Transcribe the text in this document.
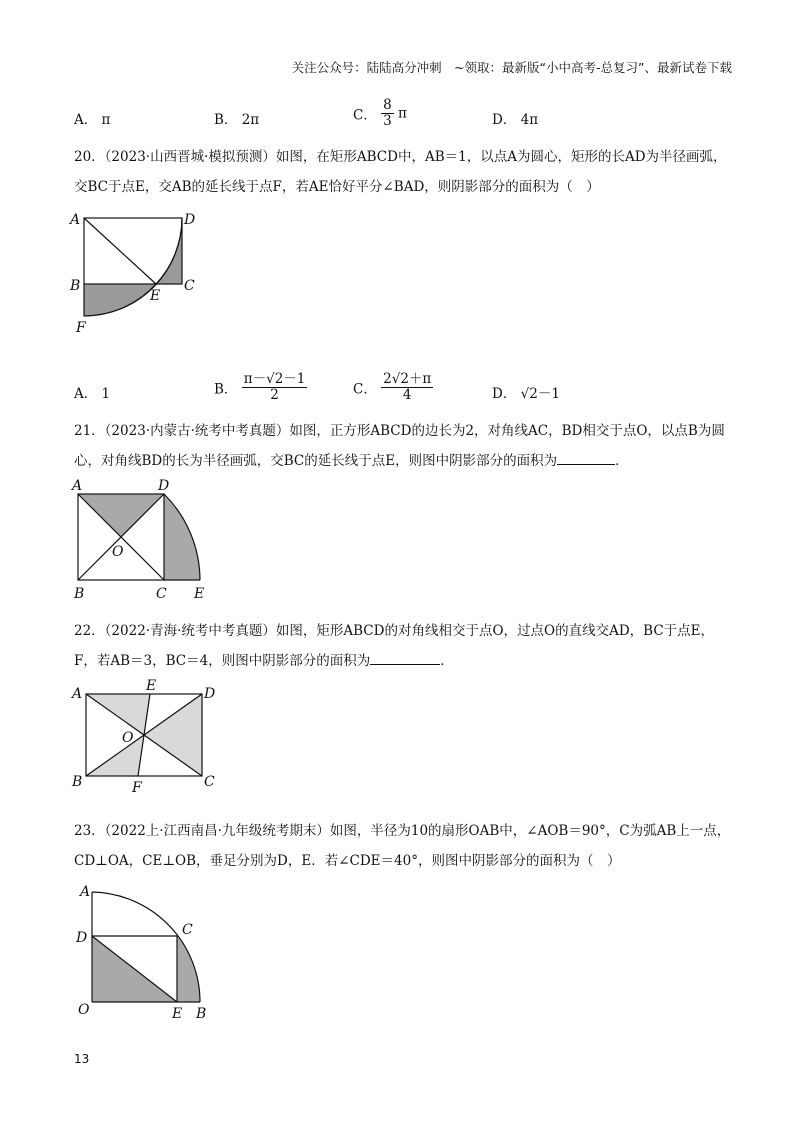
关注公众号：陆陆高分冲刺　~领取：最新版“小中高考-总复习”、最新试卷下载
A． π	B． 2π	C． $\frac{8}{3}$ π	D． 4π
20．（2023·山西晋城·模拟预测）如图，在矩形ABCD中，AB＝1，以点A为圆心，矩形的长AD为半径画弧，交BC于点E，交AB的延长线于点F，若AE恰好平分∠BAD，则阴影部分的面积为（　）
A	D
B	C
E
F
A． 1	B． $\frac{\pi-√2-1}{2}$	C． $\frac{2√2+\pi}{4}$	D． √2－1
21．（2023·内蒙古·统考中考真题）如图，正方形ABCD的边长为2，对角线AC，BD相交于点O，以点B为圆心，对角线BD的长为半径画弧，交BC的延长线于点E，则图中阴影部分的面积为	．
A	D
O
B	C E
22．（2022·青海·统考中考真题）如图，矩形ABCD的对角线相交于点O，过点O的直线交AD，BC于点E，F，若AB＝3，BC＝4，则图中阴影部分的面积为	．
A	E	D
O
B	F	C
23．（2022上·江西南昌·九年级统考期末）如图，半径为10的扇形OAB中，∠AOB＝90°，C为弧AB上一点，CD⊥OA，CE⊥OB，垂足分别为D，E．若∠CDE＝40°，则图中阴影部分的面积为（　）
A
D	C
O	E B
13
